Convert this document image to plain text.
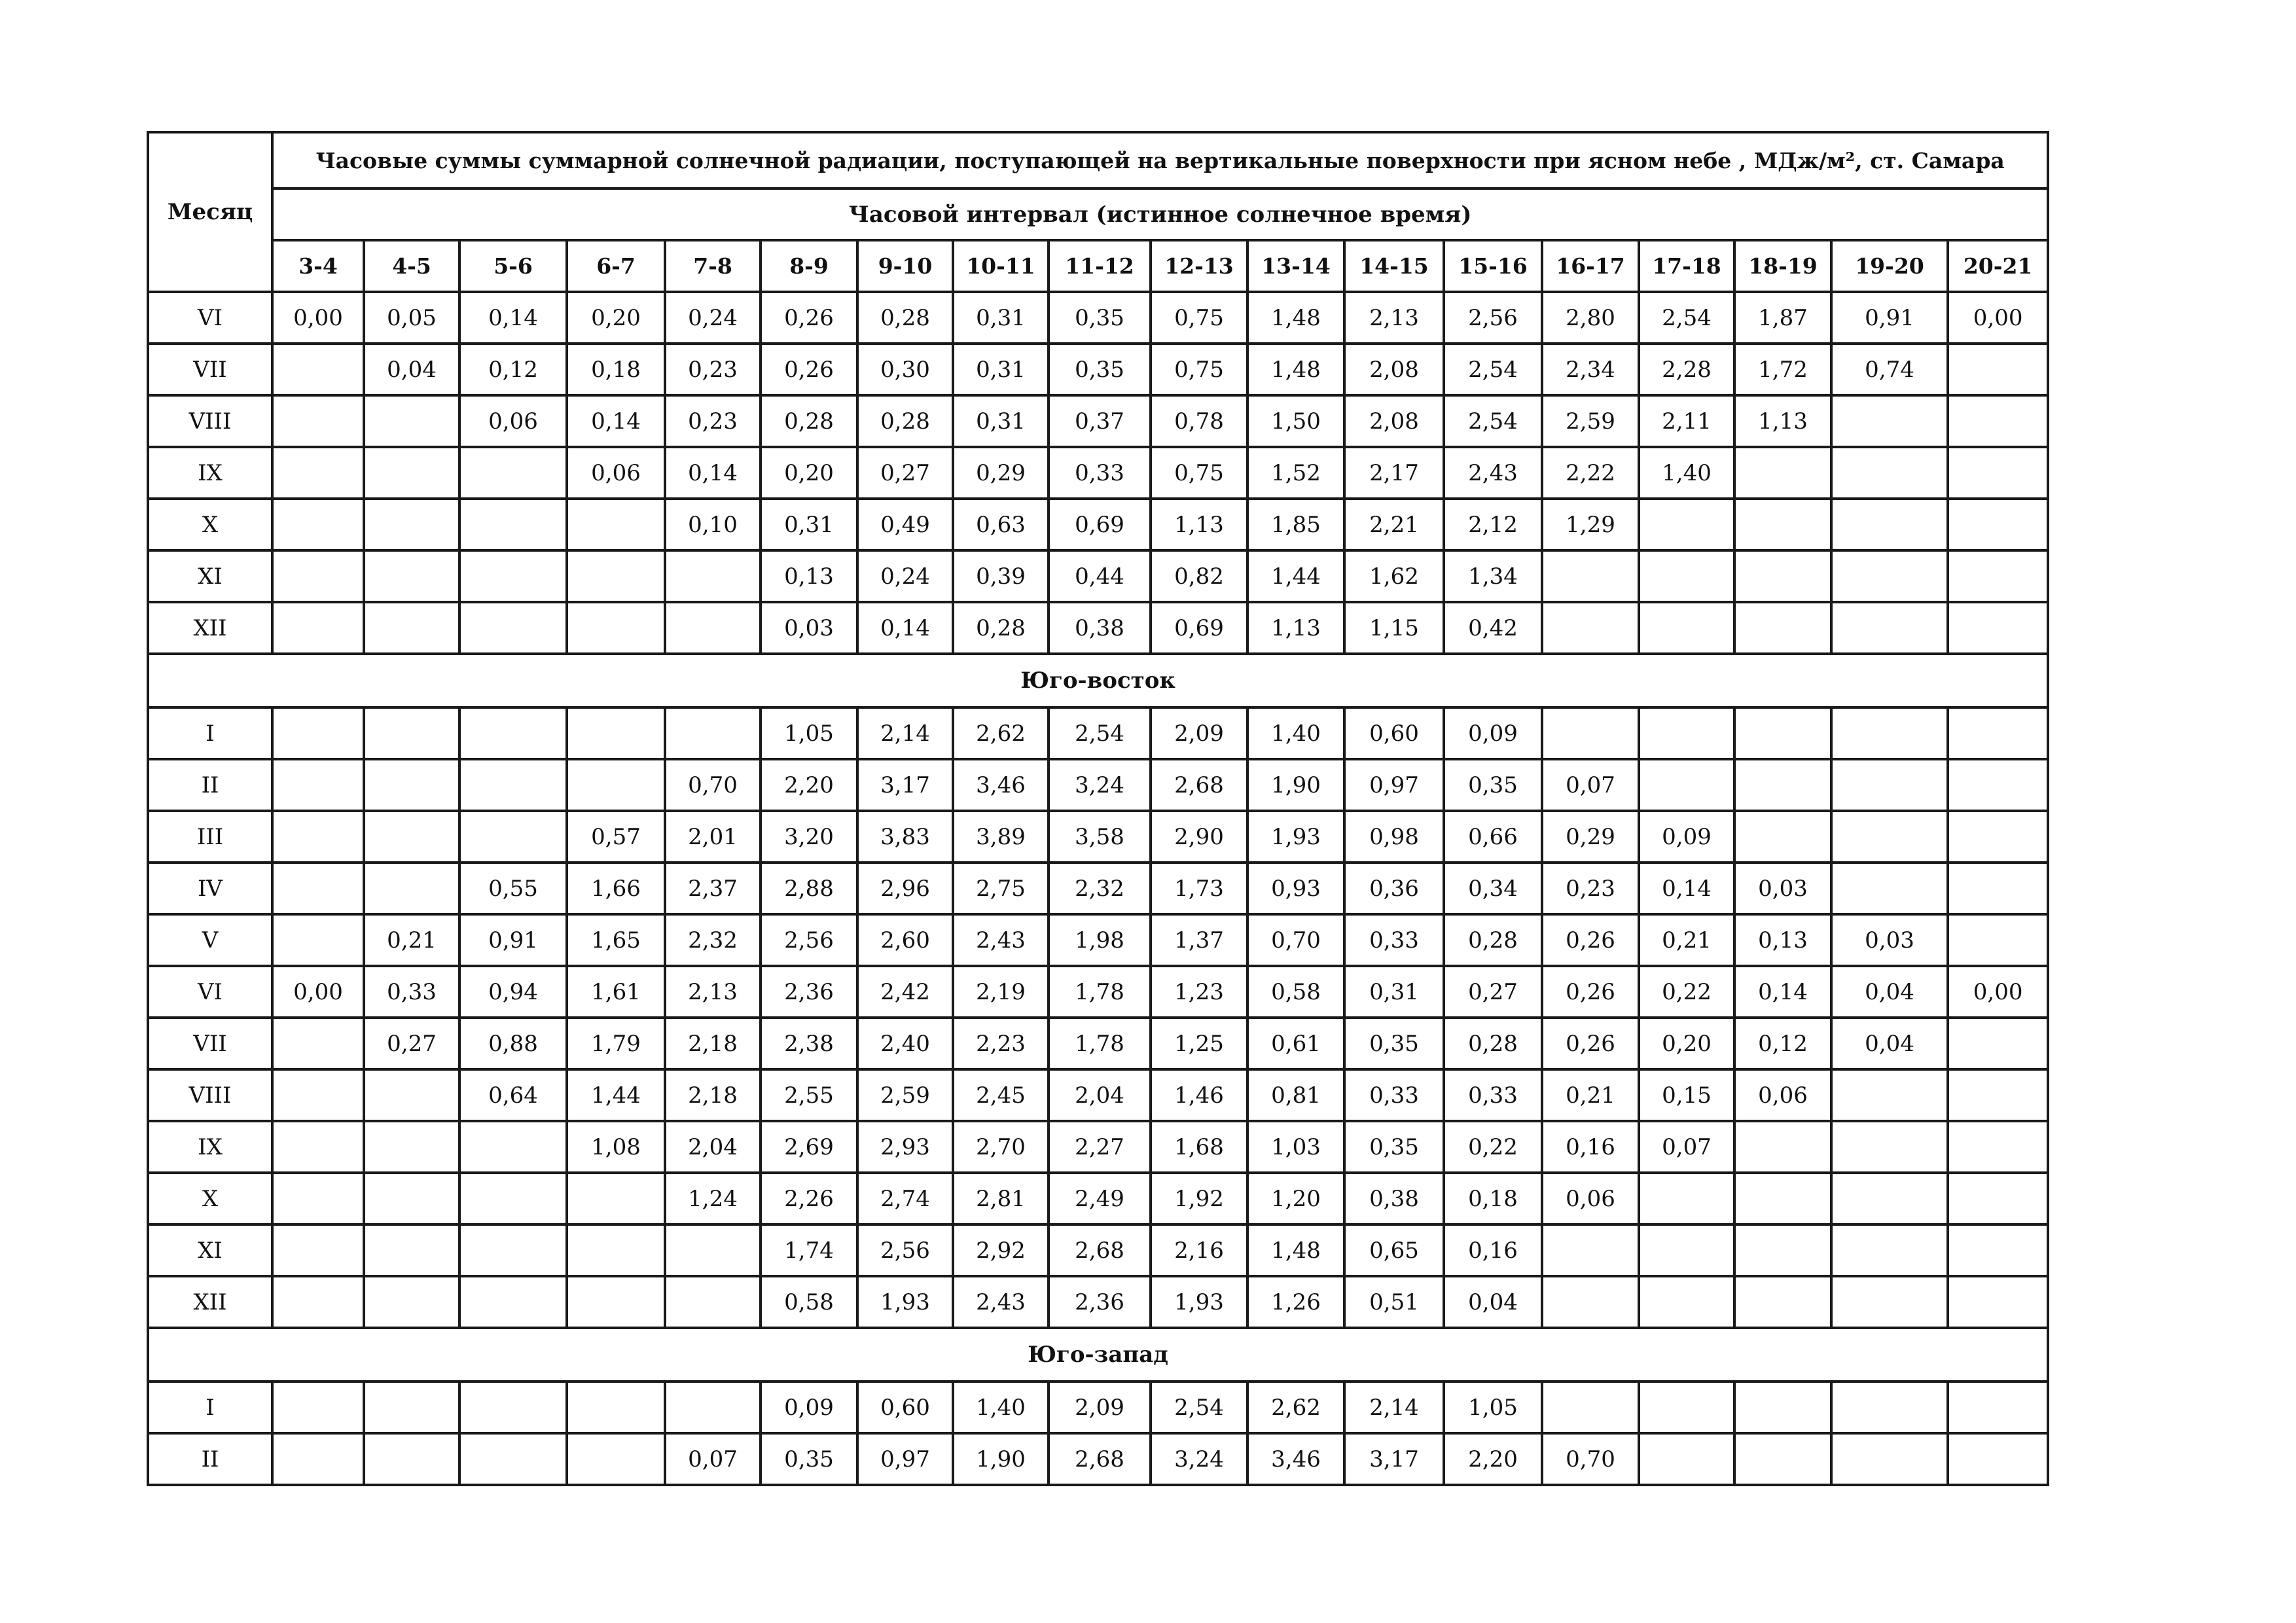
Месяц	Часовые суммы суммарной солнечной радиации, поступающей на вертикальные поверхности при ясном небе , МДж/м², ст. Самара																	
	Часовой интервал (истинное солнечное время)																	
	3-4	4-5	5-6	6-7	7-8	8-9	9-10	10-11	11-12	12-13	13-14	14-15	15-16	16-17	17-18	18-19	19-20	20-21
VI	0,00	0,05	0,14	0,20	0,24	0,26	0,28	0,31	0,35	0,75	1,48	2,13	2,56	2,80	2,54	1,87	0,91	0,00
VII		0,04	0,12	0,18	0,23	0,26	0,30	0,31	0,35	0,75	1,48	2,08	2,54	2,34	2,28	1,72	0,74	
VIII			0,06	0,14	0,23	0,28	0,28	0,31	0,37	0,78	1,50	2,08	2,54	2,59	2,11	1,13		
IX				0,06	0,14	0,20	0,27	0,29	0,33	0,75	1,52	2,17	2,43	2,22	1,40			
X					0,10	0,31	0,49	0,63	0,69	1,13	1,85	2,21	2,12	1,29				
XI						0,13	0,24	0,39	0,44	0,82	1,44	1,62	1,34					
XII						0,03	0,14	0,28	0,38	0,69	1,13	1,15	0,42					
Юго-восток																		
I						1,05	2,14	2,62	2,54	2,09	1,40	0,60	0,09					
II					0,70	2,20	3,17	3,46	3,24	2,68	1,90	0,97	0,35	0,07				
III				0,57	2,01	3,20	3,83	3,89	3,58	2,90	1,93	0,98	0,66	0,29	0,09			
IV			0,55	1,66	2,37	2,88	2,96	2,75	2,32	1,73	0,93	0,36	0,34	0,23	0,14	0,03		
V		0,21	0,91	1,65	2,32	2,56	2,60	2,43	1,98	1,37	0,70	0,33	0,28	0,26	0,21	0,13	0,03	
VI	0,00	0,33	0,94	1,61	2,13	2,36	2,42	2,19	1,78	1,23	0,58	0,31	0,27	0,26	0,22	0,14	0,04	0,00
VII		0,27	0,88	1,79	2,18	2,38	2,40	2,23	1,78	1,25	0,61	0,35	0,28	0,26	0,20	0,12	0,04	
VIII			0,64	1,44	2,18	2,55	2,59	2,45	2,04	1,46	0,81	0,33	0,33	0,21	0,15	0,06		
IX				1,08	2,04	2,69	2,93	2,70	2,27	1,68	1,03	0,35	0,22	0,16	0,07			
X					1,24	2,26	2,74	2,81	2,49	1,92	1,20	0,38	0,18	0,06				
XI						1,74	2,56	2,92	2,68	2,16	1,48	0,65	0,16					
XII						0,58	1,93	2,43	2,36	1,93	1,26	0,51	0,04					
Юго-запад																		
I						0,09	0,60	1,40	2,09	2,54	2,62	2,14	1,05					
II					0,07	0,35	0,97	1,90	2,68	3,24	3,46	3,17	2,20	0,70				
